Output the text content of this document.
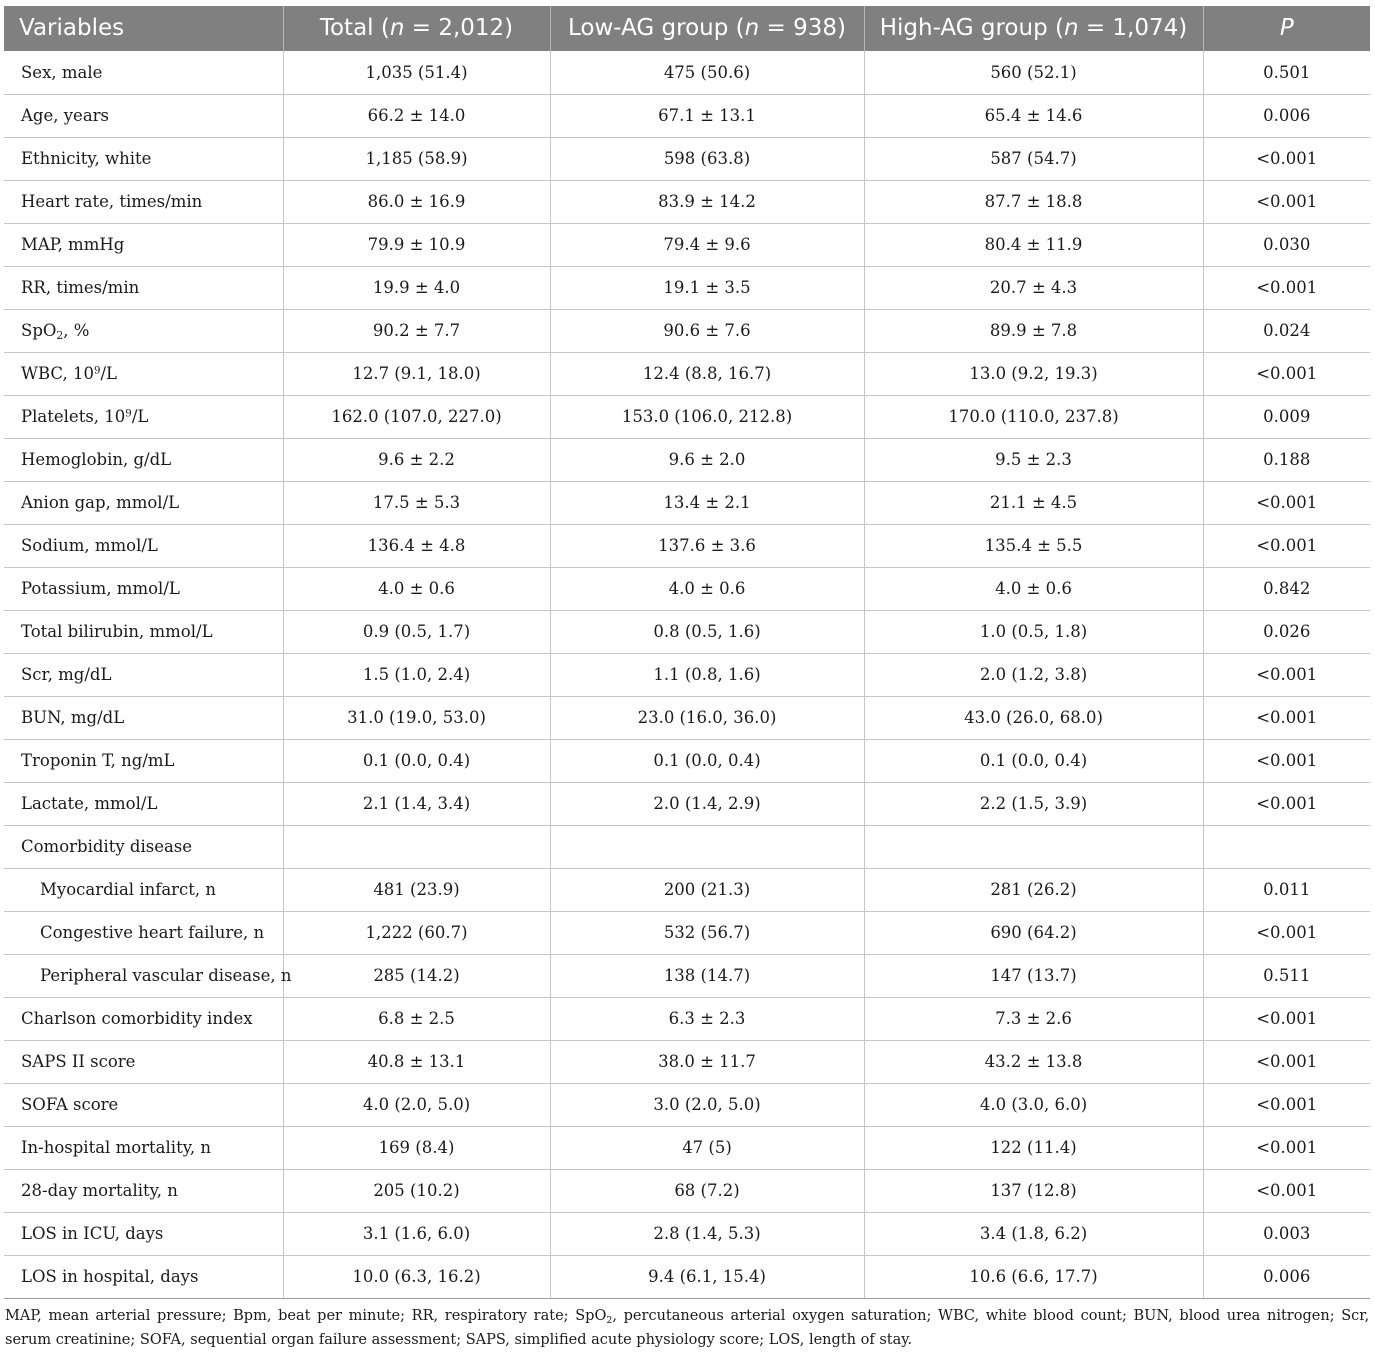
Variables	Total (n = 2,012)	Low-AG group (n = 938)	High-AG group (n = 1,074)	P
Sex, male	1,035 (51.4)	475 (50.6)	560 (52.1)	0.501
Age, years	66.2 ± 14.0	67.1 ± 13.1	65.4 ± 14.6	0.006
Ethnicity, white	1,185 (58.9)	598 (63.8)	587 (54.7)	<0.001
Heart rate, times/min	86.0 ± 16.9	83.9 ± 14.2	87.7 ± 18.8	<0.001
MAP, mmHg	79.9 ± 10.9	79.4 ± 9.6	80.4 ± 11.9	0.030
RR, times/min	19.9 ± 4.0	19.1 ± 3.5	20.7 ± 4.3	<0.001
SpO$_2$, %	90.2 ± 7.7	90.6 ± 7.6	89.9 ± 7.8	0.024
WBC, $10^9/L$	12.7 (9.1, 18.0)	12.4 (8.8, 16.7)	13.0 (9.2, 19.3)	<0.001
Platelets, $10^9/L$	162.0 (107.0, 227.0)	153.0 (106.0, 212.8)	170.0 (110.0, 237.8)	0.009
Hemoglobin, g/dL	9.6 ± 2.2	9.6 ± 2.0	9.5 ± 2.3	0.188
Anion gap, mmol/L	17.5 ± 5.3	13.4 ± 2.1	21.1 ± 4.5	<0.001
Sodium, mmol/L	136.4 ± 4.8	137.6 ± 3.6	135.4 ± 5.5	<0.001
Potassium, mmol/L	4.0 ± 0.6	4.0 ± 0.6	4.0 ± 0.6	0.842
Total bilirubin, mmol/L	0.9 (0.5, 1.7)	0.8 (0.5, 1.6)	1.0 (0.5, 1.8)	0.026
Scr, mg/dL	1.5 (1.0, 2.4)	1.1 (0.8, 1.6)	2.0 (1.2, 3.8)	<0.001
BUN, mg/dL	31.0 (19.0, 53.0)	23.0 (16.0, 36.0)	43.0 (26.0, 68.0)	<0.001
Troponin T, ng/mL	0.1 (0.0, 0.4)	0.1 (0.0, 0.4)	0.1 (0.0, 0.4)	<0.001
Lactate, mmol/L	2.1 (1.4, 3.4)	2.0 (1.4, 2.9)	2.2 (1.5, 3.9)	<0.001
Comorbidity disease				
Myocardial infarct, n	481 (23.9)	200 (21.3)	281 (26.2)	0.011
Congestive heart failure, n	1,222 (60.7)	532 (56.7)	690 (64.2)	<0.001
Peripheral vascular disease, n	285 (14.2)	138 (14.7)	147 (13.7)	0.511
Charlson comorbidity index	6.8 ± 2.5	6.3 ± 2.3	7.3 ± 2.6	<0.001
SAPS II score	40.8 ± 13.1	38.0 ± 11.7	43.2 ± 13.8	<0.001
SOFA score	4.0 (2.0, 5.0)	3.0 (2.0, 5.0)	4.0 (3.0, 6.0)	<0.001
In-hospital mortality, n	169 (8.4)	47 (5)	122 (11.4)	<0.001
28-day mortality, n	205 (10.2)	68 (7.2)	137 (12.8)	<0.001
LOS in ICU, days	3.1 (1.6, 6.0)	2.8 (1.4, 5.3)	3.4 (1.8, 6.2)	0.003
LOS in hospital, days	10.0 (6.3, 16.2)	9.4 (6.1, 15.4)	10.6 (6.6, 17.7)	0.006

MAP, mean arterial pressure; Bpm, beat per minute; RR, respiratory rate; SpO$_2$, percutaneous arterial oxygen saturation; WBC, white blood count; BUN, blood urea nitrogen; Scr, serum creatinine; SOFA, sequential organ failure assessment; SAPS, simplifed acute physiology score; LOS, length of stay.
